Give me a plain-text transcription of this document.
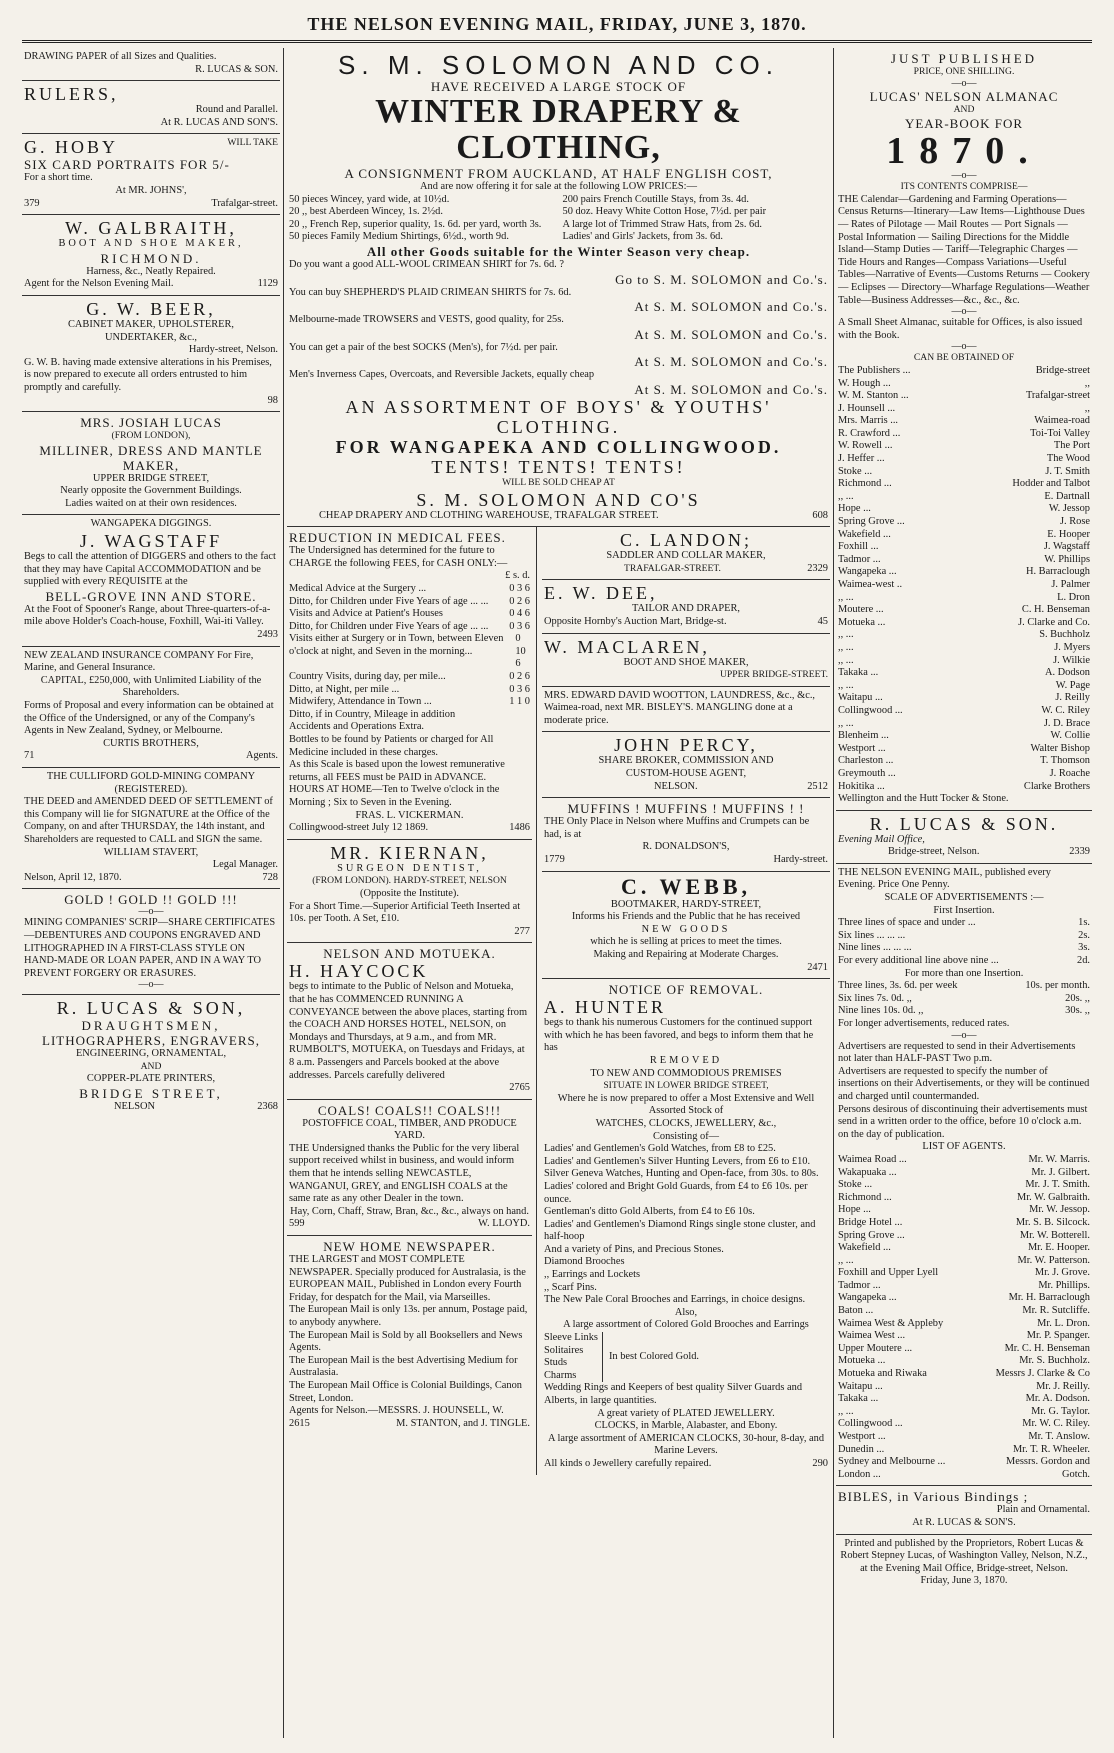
THE NELSON EVENING MAIL, FRIDAY, JUNE 3, 1870.
DRAWING PAPER of all Sizes and Qualities.
R. LUCAS & SON.
RULERS,
Round and Parallel.
At R. LUCAS AND SON'S.
G. HOBY	WILL TAKE
SIX CARD PORTRAITS FOR 5/-
For a short time.
At MR. JOHNS',
379	Trafalgar-street.
W. GALBRAITH,
BOOT AND SHOE MAKER,
RICHMOND.
Harness, &c., Neatly Repaired.
Agent for the Nelson Evening Mail.	1129
G. W. BEER,
CABINET MAKER, UPHOLSTERER,
UNDERTAKER, &c.,
Hardy-street, Nelson.
G. W. B. having made extensive alterations in his Premises, is now prepared to execute all orders entrusted to him promptly and carefully.
98
MRS. JOSIAH LUCAS
(FROM LONDON),
MILLINER, DRESS AND MANTLE
MAKER,
UPPER BRIDGE STREET,
Nearly opposite the Government Buildings.
Ladies waited on at their own residences.
WANGAPEKA DIGGINGS.
J. WAGSTAFF
Begs to call the attention of DIGGERS and others to the fact that they may have Capital ACCOMMODATION and be supplied with every REQUISITE at the
BELL-GROVE INN AND STORE.
At the Foot of Spooner's Range, about Three-quarters-of-a-mile above Holder's Coach-house, Foxhill, Wai-iti Valley.
2493
NEW ZEALAND INSURANCE COMPANY For Fire, Marine, and General Insurance.
CAPITAL, £250,000, with Unlimited Liability of the Shareholders.
Forms of Proposal and every information can be obtained at the Office of the Undersigned, or any of the Company's Agents in New Zealand, Sydney, or Melbourne.
CURTIS BROTHERS,
71	Agents.
THE CULLIFORD GOLD-MINING COMPANY (REGISTERED).
THE DEED and AMENDED DEED OF SETTLEMENT of this Company will lie for SIGNATURE at the Office of the Company, on and after THURSDAY, the 14th instant, and Shareholders are requested to CALL and SIGN the same.
WILLIAM STAVERT,
Legal Manager.
Nelson, April 12, 1870.	728
GOLD ! GOLD !! GOLD !!!
—o—
MINING COMPANIES' SCRIP—SHARE CERTIFICATES—DEBENTURES AND COUPONS ENGRAVED AND LITHOGRAPHED IN A FIRST-CLASS STYLE ON HAND-MADE OR LOAN PAPER, AND IN A WAY TO PREVENT FORGERY OR ERASURES.
—o—
R. LUCAS & SON,
DRAUGHTSMEN,
LITHOGRAPHERS, ENGRAVERS,
ENGINEERING, ORNAMENTAL,
AND
COPPER-PLATE PRINTERS,
BRIDGE STREET,
NELSON	2368
S. M. SOLOMON AND CO.
HAVE RECEIVED A LARGE STOCK OF
WINTER DRAPERY & CLOTHING,
A CONSIGNMENT FROM AUCKLAND, AT HALF ENGLISH COST,
And are now offering it for sale at the following LOW PRICES:—
50 pieces Wincey, yard wide, at 10½d.
20 ,, best Aberdeen Wincey, 1s. 2½d.
20 ,, French Rep, superior quality, 1s. 6d. per yard, worth 3s.
50 pieces Family Medium Shirtings, 6½d., worth 9d.
200 pairs French Coutille Stays, from 3s. 4d.
50 doz. Heavy White Cotton Hose, 7½d. per pair
A large lot of Trimmed Straw Hats, from 2s. 6d.
Ladies' and Girls' Jackets, from 3s. 6d.
All other Goods suitable for the Winter Season very cheap.
Do you want a good ALL-WOOL CRIMEAN SHIRT for 7s. 6d. ?
Go to S. M. SOLOMON and Co.'s.
You can buy SHEPHERD'S PLAID CRIMEAN SHIRTS for 7s. 6d.
At S. M. SOLOMON and Co.'s.
Melbourne-made TROWSERS and VESTS, good quality, for 25s.
At S. M. SOLOMON and Co.'s.
You can get a pair of the best SOCKS (Men's), for 7½d. per pair.
At S. M. SOLOMON and Co.'s.
Men's Inverness Capes, Overcoats, and Reversible Jackets, equally cheap
At S. M. SOLOMON and Co.'s.
AN ASSORTMENT OF BOYS' & YOUTHS' CLOTHING.
FOR WANGAPEKA AND COLLINGWOOD.
TENTS! TENTS! TENTS!
WILL BE SOLD CHEAP AT
S. M. SOLOMON AND CO'S
CHEAP DRAPERY AND CLOTHING WAREHOUSE, TRAFALGAR STREET.	608
REDUCTION IN MEDICAL FEES.
The Undersigned has determined for the future to CHARGE the following FEES, for CASH ONLY:—
£ s. d.
Medical Advice at the Surgery ...	0 3 6
Ditto, for Children under Five Years of age ... ... 0 2 6
Visits and Advice at Patient's Houses	0 4 6
Ditto, for Children under Five Years of age ... ... 0 3 6
Visits either at Surgery or in Town, between Eleven o'clock at night, and Seven in the morning...
0 10 6
Country Visits, during day, per mile...	0 2 6
Ditto, at Night, per mile ...	0 3 6
Midwifery, Attendance in Town ...	1 1 0
Ditto, if in Country, Mileage in addition
Accidents and Operations Extra.
Bottles to be found by Patients or charged for All Medicine included in these charges.
As this Scale is based upon the lowest remunerative returns, all FEES must be PAID in ADVANCE.
HOURS AT HOME—Ten to Twelve o'clock in the Morning ; Six to Seven in the Evening.
FRAS. L. VICKERMAN.
Collingwood-street July 12 1869.	1486
MR. KIERNAN,
SURGEON DENTIST,
(FROM LONDON). HARDY-STREET, NELSON
(Opposite the Institute).
For a Short Time.—Superior Artificial Teeth Inserted at 10s. per Tooth. A Set, £10.
277
NELSON AND MOTUEKA.
H. HAYCOCK
begs to intimate to the Public of Nelson and Motueka, that he has COMMENCED RUNNING A CONVEYANCE between the above places, starting from the COACH AND HORSES HOTEL, NELSON, on Mondays and Thursdays, at 9 a.m., and from MR. RUMBOLT'S, MOTUEKA, on Tuesdays and Fridays, at 8 a.m. Passengers and Parcels booked at the above addresses. Parcels carefully delivered
2765
COALS! COALS!! COALS!!!
POSTOFFICE COAL, TIMBER, AND PRODUCE YARD.
THE Undersigned thanks the Public for the very liberal support received whilst in business, and would inform them that he intends selling NEWCASTLE, WANGANUI, GREY, and ENGLISH COALS at the same rate as any other Dealer in the town.
Hay, Corn, Chaff, Straw, Bran, &c., &c., always on hand.
599	W. LLOYD.
NEW HOME NEWSPAPER.
THE LARGEST and MOST COMPLETE NEWSPAPER. Specially produced for Australasia, is the EUROPEAN MAIL, Published in London every Fourth Friday, for despatch for the Mail, via Marseilles.
The European Mail is only 13s. per annum, Postage paid, to anybody anywhere.
The European Mail is Sold by all Booksellers and News Agents.
The European Mail is the best Advertising Medium for Australasia.
The European Mail Office is Colonial Buildings, Canon Street, London.
Agents for Nelson.—MESSRS. J. HOUNSELL, W.
2615	M. STANTON, and J. TINGLE.
C. LANDON;
SADDLER AND COLLAR MAKER,
TRAFALGAR-STREET.	2329
E. W. DEE,
TAILOR AND DRAPER,
Opposite Hornby's Auction Mart, Bridge-st.	45
W. MACLAREN,
BOOT AND SHOE MAKER,
UPPER BRIDGE-STREET.
MRS. EDWARD DAVID WOOTTON, LAUNDRESS, &c., &c., Waimea-road, next MR. BISLEY'S. MANGLING done at a moderate price.
JOHN PERCY,
SHARE BROKER, COMMISSION AND
CUSTOM-HOUSE AGENT,
NELSON.	2512
MUFFINS ! MUFFINS ! MUFFINS ! !
THE Only Place in Nelson where Muffins and Crumpets can be had, is at
R. DONALDSON'S,
1779	Hardy-street.
C. WEBB,
BOOTMAKER, HARDY-STREET,
Informs his Friends and the Public that he has received
NEW GOODS
which he is selling at prices to meet the times.
Making and Repairing at Moderate Charges.
2471
NOTICE OF REMOVAL.
A. HUNTER
begs to thank his numerous Customers for the continued support with which he has been favored, and begs to inform them that he has
REMOVED
TO NEW AND COMMODIOUS PREMISES
SITUATE IN LOWER BRIDGE STREET,
Where he is now prepared to offer a Most Extensive and Well Assorted Stock of
WATCHES, CLOCKS, JEWELLERY, &c.,
Consisting of—
Ladies' and Gentlemen's Gold Watches, from £8 to £25.
Ladies' and Gentlemen's Silver Hunting Levers, from £6 to £10.
Silver Geneva Watches, Hunting and Open-face, from 30s. to 80s.
Ladies' colored and Bright Gold Guards, from £4 to £6 10s. per ounce.
Gentleman's ditto Gold Alberts, from £4 to £6 10s.
Ladies' and Gentlemen's Diamond Rings single stone cluster, and half-hoop
And a variety of Pins, and Precious Stones.
Diamond Brooches
,, Earrings and Lockets
,, Scarf Pins.
The New Pale Coral Brooches and Earrings, in choice designs.
Also,
A large assortment of Colored Gold Brooches and Earrings
Sleeve Links
Solitaires
Studs
Charms
In best Colored Gold.
Wedding Rings and Keepers of best quality Silver Guards and Alberts, in large quantities.
A great variety of PLATED JEWELLERY.
CLOCKS, in Marble, Alabaster, and Ebony.
A large assortment of AMERICAN CLOCKS, 30-hour, 8-day, and Marine Levers.
All kinds o Jewellery carefully repaired.	290
JUST PUBLISHED
PRICE, ONE SHILLING.
—o—
LUCAS' NELSON ALMANAC
AND
YEAR-BOOK FOR
1870.
—o—
ITS CONTENTS COMPRISE—
THE Calendar—Gardening and Farming Operations—Census Returns—Itinerary—Law Items—Lighthouse Dues — Rates of Pilotage — Mail Routes — Port Signals — Postal Information — Sailing Directions for the Middle Island—Stamp Duties — Tariff—Telegraphic Charges — Tide Hours and Ranges—Compass Variations—Useful Tables—Narrative of Events—Customs Returns — Cookery — Eclipses — Directory—Wharfage Regulations—Weather Table—Business Addresses—&c., &c., &c.
—o—
A Small Sheet Almanac, suitable for Offices, is also issued with the Book.
—o—
CAN BE OBTAINED OF
The Publishers ...	Bridge-street
W. Hough ...	,,
W. M. Stanton ...	Trafalgar-street
J. Hounsell ...	,,
Mrs. Marris ...	Waimea-road
R. Crawford ...	Toi-Toi Valley
W. Rowell ...	The Port
J. Heffer ...	The Wood
Stoke ...	J. T. Smith
Richmond ...	Hodder and Talbot
,, ...	E. Dartnall
Hope ...	W. Jessop
Spring Grove ...	J. Rose
Wakefield ...	E. Hooper
Foxhill ...	J. Wagstaff
Tadmor ...	W. Phillips
Wangapeka ...	H. Barraclough
Waimea-west ..	J. Palmer
,, ...	L. Dron
Moutere ...	C. H. Benseman
Motueka ...	J. Clarke and Co.
,, ...	S. Buchholz
,, ...	J. Myers
,, ...	J. Wilkie
Takaka ...	A. Dodson
,, ...	W. Page
Waitapu ...	J. Reilly
Collingwood ...	W. C. Riley
,, ...	J. D. Brace
Blenheim ...	W. Collie
Westport ...	Walter Bishop
Charleston ...	T. Thomson
Greymouth ...	J. Roache
Hokitika ...	Clarke Brothers
Wellington and the Hutt Tocker & Stone.
R. LUCAS & SON.
Evening Mail Office,
Bridge-street, Nelson.	2339
THE NELSON EVENING MAIL, published every Evening. Price One Penny.
SCALE OF ADVERTISEMENTS :—
First Insertion.
Three lines of space and under ...	1s.
Six lines ... ... ...	2s.
Nine lines ... ... ...	3s.
For every additional line above nine ...	2d.
For more than one Insertion.
Three lines, 3s. 6d. per week	10s. per month.
Six lines 7s. 0d. ,,	20s. ,,
Nine lines 10s. 0d. ,,	30s. ,,
For longer advertisements, reduced rates.
—o—
Advertisers are requested to send in their Advertisements not later than HALF-PAST Two p.m.
Advertisers are requested to specify the number of insertions on their Advertisements, or they will be continued and charged until countermanded.
Persons desirous of discontinuing their advertisements must send in a written order to the office, before 10 o'clock a.m. on the day of publication.
LIST OF AGENTS.
Waimea Road ...	Mr. W. Marris.
Wakapuaka ...	Mr. J. Gilbert.
Stoke ...	Mr. J. T. Smith.
Richmond ...	Mr. W. Galbraith.
Hope ...	Mr. W. Jessop.
Bridge Hotel ...	Mr. S. B. Silcock.
Spring Grove ...	Mr. W. Botterell.
Wakefield ...	Mr. E. Hooper.
,, ...	Mr. W. Patterson.
Foxhill and Upper Lyell	Mr. J. Grove.
Tadmor ...	Mr. Phillips.
Wangapeka ...	Mr. H. Barraclough
Baton ...	Mr. R. Sutcliffe.
Waimea West & Appleby	Mr. L. Dron.
Waimea West ...	Mr. P. Spanger.
Upper Moutere ...	Mr. C. H. Benseman
Motueka ...	Mr. S. Buchholz.
Motueka and Riwaka	Messrs J. Clarke & Co
Waitapu ...	Mr. J. Reilly.
Takaka ...	Mr. A. Dodson.
,, ...	Mr. G. Taylor.
Collingwood ...	Mr. W. C. Riley.
Westport ...	Mr. T. Anslow.
Dunedin ...	Mr. T. R. Wheeler.
Sydney and Melbourne ...	Messrs. Gordon and
London ...	Gotch.
BIBLES, in Various Bindings ;
Plain and Ornamental.
At R. LUCAS & SON'S.
Printed and published by the Proprietors, Robert Lucas & Robert Stepney Lucas, of Washington Valley, Nelson, N.Z., at the Evening Mail Office, Bridge-street, Nelson.
Friday, June 3, 1870.
